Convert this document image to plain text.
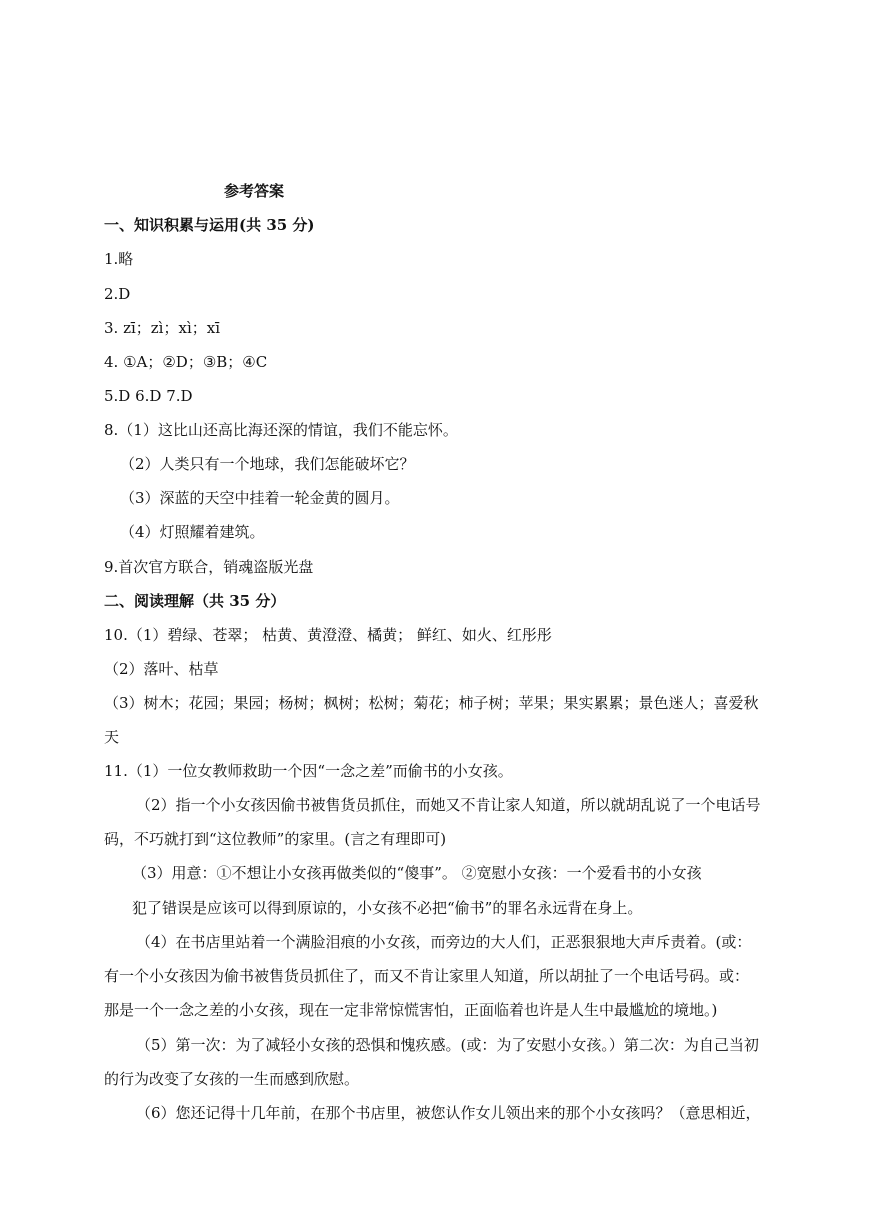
参考答案
一、知识积累与运用(共 35 分)
1.略
2.D
3. zī；zì；xì；xī
4. ①A；②D；③B；④C
5.D 6.D 7.D
8.（1）这比山还高比海还深的情谊，我们不能忘怀。
（2）人类只有一个地球，我们怎能破坏它？
（3）深蓝的天空中挂着一轮金黄的圆月。
（4）灯照耀着建筑。
9.首次官方联合，销魂盗版光盘
二、阅读理解（共 35 分）
10.（1）碧绿、苍翠； 枯黄、黄澄澄、橘黄； 鲜红、如火、红彤彤
（2）落叶、枯草
（3）树木；花园；果园；杨树；枫树；松树；菊花；柿子树；苹果；果实累累；景色迷人；喜爱秋
天
11.（1）一位女教师救助一个因“一念之差”而偷书的小女孩。
（2）指一个小女孩因偷书被售货员抓住，而她又不肯让家人知道，所以就胡乱说了一个电话号
码，不巧就打到“这位教师”的家里。(言之有理即可)
（3）用意：①不想让小女孩再做类似的“傻事”。 ②宽慰小女孩：一个爱看书的小女孩
犯了错误是应该可以得到原谅的，小女孩不必把“偷书”的罪名永远背在身上。
（4）在书店里站着一个满脸泪痕的小女孩，而旁边的大人们，正恶狠狠地大声斥责着。(或：
有一个小女孩因为偷书被售货员抓住了，而又不肯让家里人知道，所以胡扯了一个电话号码。或：
那是一个一念之差的小女孩，现在一定非常惊慌害怕，正面临着也许是人生中最尴尬的境地。)
（5）第一次：为了减轻小女孩的恐惧和愧疚感。(或：为了安慰小女孩。）第二次：为自己当初
的行为改变了女孩的一生而感到欣慰。
（6）您还记得十几年前，在那个书店里，被您认作女儿领出来的那个小女孩吗？（意思相近，
